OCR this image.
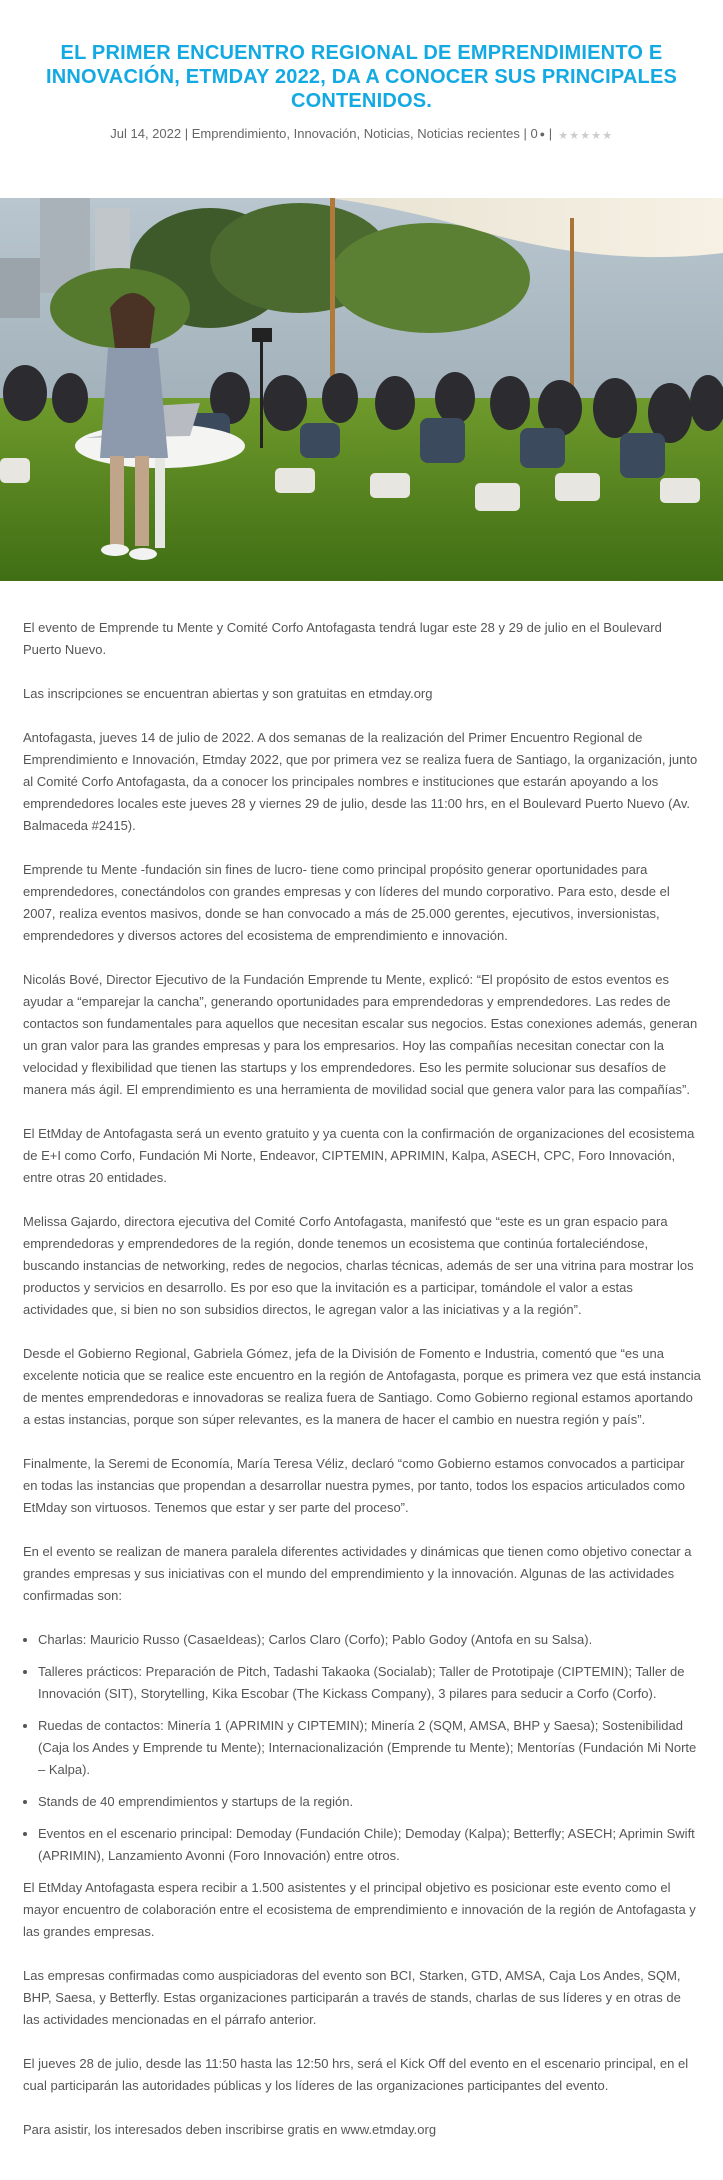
EL PRIMER ENCUENTRO REGIONAL DE EMPRENDIMIENTO E INNOVACIÓN, ETMDAY 2022, DA A CONOCER SUS PRINCIPALES CONTENIDOS.
Jul 14, 2022 | Emprendimiento, Innovación, Noticias, Noticias recientes | 0 ● | ★★★★★

El evento de Emprende tu Mente y Comité Corfo Antofagasta tendrá lugar este 28 y 29 de julio en el Boulevard Puerto Nuevo.

Las inscripciones se encuentran abiertas y son gratuitas en etmday.org

Antofagasta, jueves 14 de julio de 2022. A dos semanas de la realización del Primer Encuentro Regional de Emprendimiento e Innovación, Etmday 2022, que por primera vez se realiza fuera de Santiago, la organización, junto al Comité Corfo Antofagasta, da a conocer los principales nombres e instituciones que estarán apoyando a los emprendedores locales este jueves 28 y viernes 29 de julio, desde las 11:00 hrs, en el Boulevard Puerto Nuevo (Av. Balmaceda #2415).

Emprende tu Mente -fundación sin fines de lucro- tiene como principal propósito generar oportunidades para emprendedores, conectándolos con grandes empresas y con líderes del mundo corporativo. Para esto, desde el 2007, realiza eventos masivos, donde se han convocado a más de 25.000 gerentes, ejecutivos, inversionistas, emprendedores y diversos actores del ecosistema de emprendimiento e innovación.

Nicolás Bové, Director Ejecutivo de la Fundación Emprende tu Mente, explicó: “El propósito de estos eventos es ayudar a “emparejar la cancha”, generando oportunidades para emprendedoras y emprendedores. Las redes de contactos son fundamentales para aquellos que necesitan escalar sus negocios. Estas conexiones además, generan un gran valor para las grandes empresas y para los empresarios. Hoy las compañías necesitan conectar con la velocidad y flexibilidad que tienen las startups y los emprendedores. Eso les permite solucionar sus desafíos de manera más ágil. El emprendimiento es una herramienta de movilidad social que genera valor para las compañías”.

El EtMday de Antofagasta será un evento gratuito y ya cuenta con la confirmación de organizaciones del ecosistema de E+I como Corfo, Fundación Mi Norte, Endeavor, CIPTEMIN, APRIMIN, Kalpa, ASECH, CPC, Foro Innovación, entre otras 20 entidades.

Melissa Gajardo, directora ejecutiva del Comité Corfo Antofagasta, manifestó que “este es un gran espacio para emprendedoras y emprendedores de la región, donde tenemos un ecosistema que continúa fortaleciéndose, buscando instancias de networking, redes de negocios, charlas técnicas, además de ser una vitrina para mostrar los productos y servicios en desarrollo. Es por eso que la invitación es a participar, tomándole el valor a estas actividades que, si bien no son subsidios directos, le agregan valor a las iniciativas y a la región”.

Desde el Gobierno Regional, Gabriela Gómez, jefa de la División de Fomento e Industria, comentó que “es una excelente noticia que se realice este encuentro en la región de Antofagasta, porque es primera vez que está instancia de mentes emprendedoras e innovadoras se realiza fuera de Santiago. Como Gobierno regional estamos aportando a estas instancias, porque son súper relevantes, es la manera de hacer el cambio en nuestra región y país”.

Finalmente, la Seremi de Economía, María Teresa Véliz, declaró “como Gobierno estamos convocados a participar en todas las instancias que propendan a desarrollar nuestra pymes, por tanto, todos los espacios articulados como EtMday son virtuosos. Tenemos que estar y ser parte del proceso”.

En el evento se realizan de manera paralela diferentes actividades y dinámicas que tienen como objetivo conectar a grandes empresas y sus iniciativas con el mundo del emprendimiento y la innovación. Algunas de las actividades confirmadas son:

• Charlas: Mauricio Russo (CasaeIdeas); Carlos Claro (Corfo); Pablo Godoy (Antofa en su Salsa).
• Talleres prácticos: Preparación de Pitch, Tadashi Takaoka (Socialab); Taller de Prototipaje (CIPTEMIN); Taller de Innovación (SIT), Storytelling, Kika Escobar (The Kickass Company), 3 pilares para seducir a Corfo (Corfo).
• Ruedas de contactos: Minería 1 (APRIMIN y CIPTEMIN); Minería 2 (SQM, AMSA, BHP y Saesa); Sostenibilidad (Caja los Andes y Emprende tu Mente); Internacionalización (Emprende tu Mente); Mentorías (Fundación Mi Norte – Kalpa).
• Stands de 40 emprendimientos y startups de la región.
• Eventos en el escenario principal: Demoday (Fundación Chile); Demoday (Kalpa); Betterfly; ASECH; Aprimin Swift (APRIMIN), Lanzamiento Avonni (Foro Innovación) entre otros.

El EtMday Antofagasta espera recibir a 1.500 asistentes y el principal objetivo es posicionar este evento como el mayor encuentro de colaboración entre el ecosistema de emprendimiento e innovación de la región de Antofagasta y las grandes empresas.

Las empresas confirmadas como auspiciadoras del evento son BCI, Starken, GTD, AMSA, Caja Los Andes, SQM, BHP, Saesa, y Betterfly. Estas organizaciones participarán a través de stands, charlas de sus líderes y en otras de las actividades mencionadas en el párrafo anterior.

El jueves 28 de julio, desde las 11:50 hasta las 12:50 hrs, será el Kick Off del evento en el escenario principal, en el cual participarán las autoridades públicas y los líderes de las organizaciones participantes del evento.

Para asistir, los interesados deben inscribirse gratis en www.etmday.org
